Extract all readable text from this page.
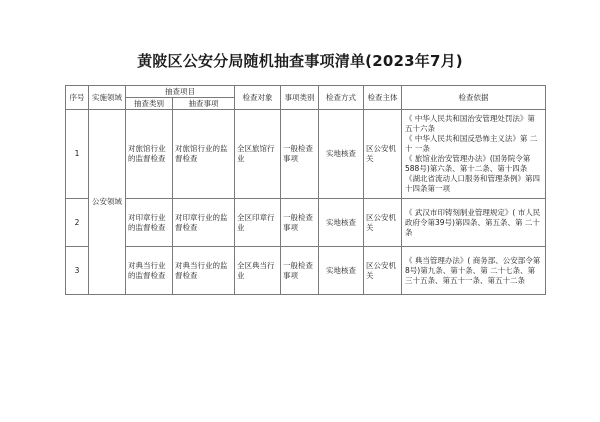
黄陂区公安分局随机抽查事项清单(2023年7月)
序号	实施领域	抽查项目		检查对象	事项类别	检查方式	检查主体	检查依据
		抽查类别	抽查事项					
1	公安领域	对旅馆行业的监督检查	对旅馆行业的监督检查	全区旅馆行业	一般检查事项	实地核查	区公安机关	《 中华人民共和国治安管理处罚法》第五十六条
《 中华人民共和国反恐怖主义法》第 二 十 一条
《 旅馆业治安管理办法》(国务院令第 588号)第六条、第十二条、第十四条
《湖北省流动人口服务和管理条例》第四十四条第一项

2		对印章行业的监督检查	对印章行业的监督检查	全区印章行业	一般检查事项	实地核查	区公安机关	《 武汉市印铸刻制业管理规定》( 市人民政府令第39号)第四条、第五条、第 二十条

3		对典当行业的监督检查	对典当行业的监督检查	全区典当行业	一般检查事项	实地核查	区公安机关	《 典当管理办法》( 商务部、公安部令第 8号)第九条、第十条、第 二十七条、第三十五条、第五十一条、第五十二条
